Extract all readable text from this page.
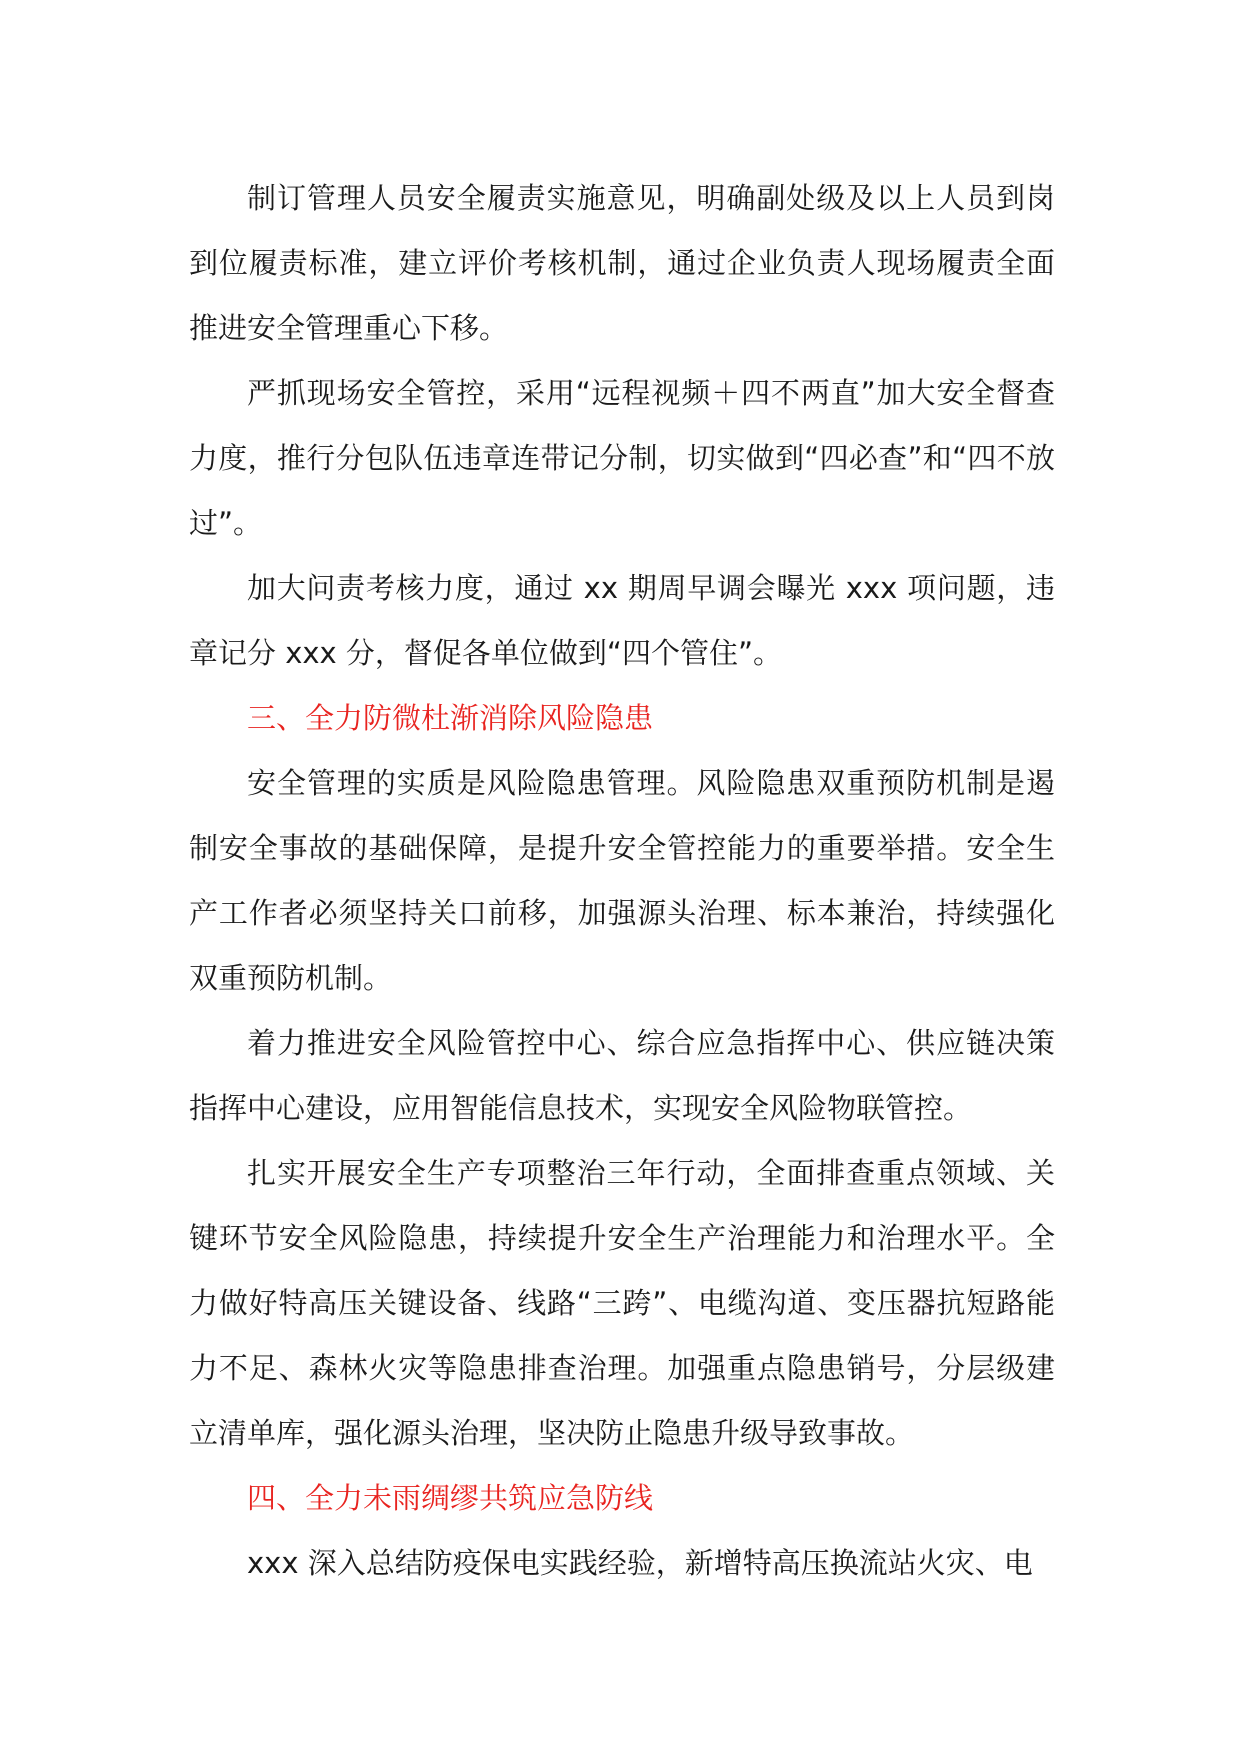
制订管理人员安全履责实施意见，明确副处级及以上人员到岗到位履责标准，建立评价考核机制，通过企业负责人现场履责全面推进安全管理重心下移。

严抓现场安全管控，采用“远程视频＋四不两直”加大安全督查力度，推行分包队伍违章连带记分制，切实做到“四必查”和“四不放过”。

加大问责考核力度，通过 xx 期周早调会曝光 xxx 项问题，违章记分 xxx 分，督促各单位做到“四个管住”。

三、全力防微杜渐消除风险隐患

安全管理的实质是风险隐患管理。风险隐患双重预防机制是遏制安全事故的基础保障，是提升安全管控能力的重要举措。安全生产工作者必须坚持关口前移，加强源头治理、标本兼治，持续强化双重预防机制。

着力推进安全风险管控中心、综合应急指挥中心、供应链决策指挥中心建设，应用智能信息技术，实现安全风险物联管控。

扎实开展安全生产专项整治三年行动，全面排查重点领域、关键环节安全风险隐患，持续提升安全生产治理能力和治理水平。全力做好特高压关键设备、线路“三跨”、电缆沟道、变压器抗短路能力不足、森林火灾等隐患排查治理。加强重点隐患销号，分层级建立清单库，强化源头治理，坚决防止隐患升级导致事故。

四、全力未雨绸缪共筑应急防线

xxx 深入总结防疫保电实践经验，新增特高压换流站火灾、电
